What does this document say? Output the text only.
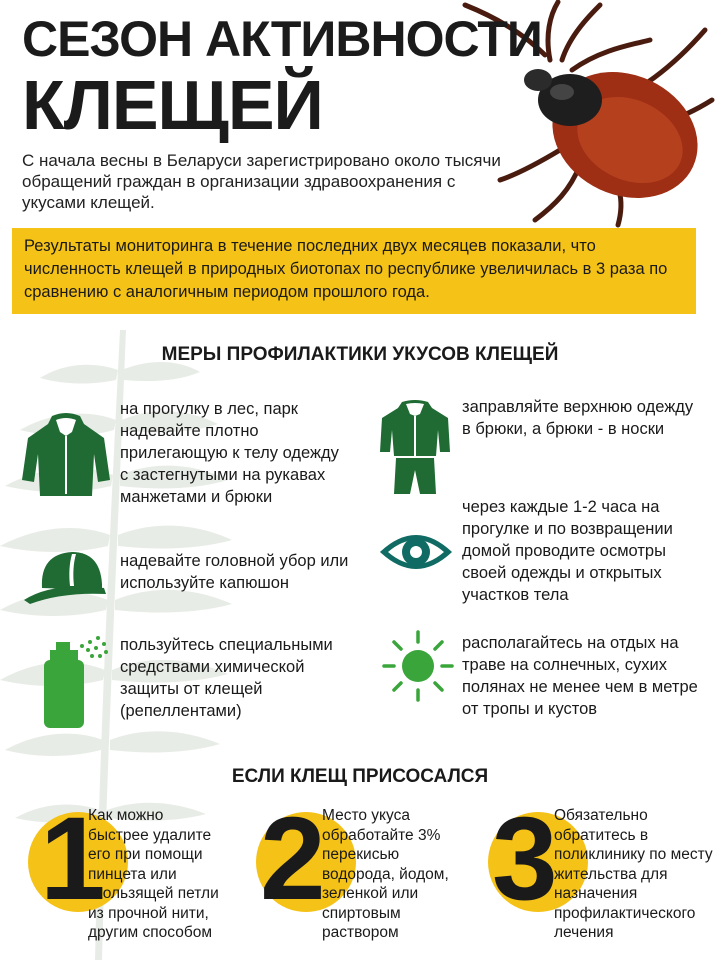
СЕЗОН АКТИВНОСТИ
КЛЕЩЕЙ
С начала весны в Беларуси зарегистрировано около тысячи обращений граждан в организации здравоохранения с укусами клещей.
Результаты мониторинга в течение последних двух месяцев показали, что численность клещей в природных биотопах по республике увеличилась в 3 раза по сравнению с аналогичным периодом прошлого года.
МЕРЫ ПРОФИЛАКТИКИ УКУСОВ КЛЕЩЕЙ
на прогулку в лес, парк надевайте плотно прилегающую к телу одежду с застегнутыми на рукавах манжетами и брюки
надевайте головной убор или используйте капюшон
пользуйтесь специальными средствами химической защиты от клещей (репеллентами)
заправляйте верхнюю одежду в брюки, а брюки - в носки
через каждые 1-2 часа на прогулке и по возвращении домой проводите осмотры своей одежды и открытых участков тела
располагайтесь на отдых на траве на солнечных, сухих полянах не менее чем в метре от тропы и кустов
ЕСЛИ КЛЕЩ ПРИСОСАЛСЯ
1
Как можно быстрее удалите его при помощи пинцета или скользящей петли из прочной нити, другим способом
2
Место укуса обработайте 3% перекисью водорода, йодом, зеленкой или спиртовым раствором
3
Обязательно обратитесь в поликлинику по месту жительства для назначения профилактического лечения
